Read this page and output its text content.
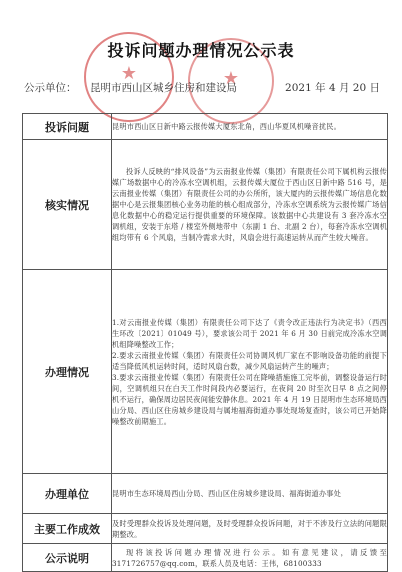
★	★
投诉问题办理情况公示表
公示单位： 昆明市西山区城乡住房和建设局	2021 年 4 月 20 日
投诉问题	昆明市西山区日新中路云报传媒大厦东北角，西山华夏风机噪音扰民。

核实情况	投诉人反映的“排风设备”为云南报业传媒（集团）有限责任公司下属机构云报传媒广场数据中心的冷冻水空调机组，云报传媒大厦位于西山区日新中路 516 号，是云南报业传媒（集团）有限责任公司的办公所所，该大厦内的云报传媒广场信息化数据中心是云报集团核心业务功能的核心组成部分，冷冻水空调系统为云报传媒广场信息化数据中心的稳定运行提供重要的环境保障。该数据中心共建设有 3 套冷冻水空调机组，安装于东塔 / 楼室外侧地带中（东副 1 台、北副 2 台），每套冷冻水空调机组均带有 6 个风扇，当制冷需求大时，风扇会进行高速运转从而产生较大噪音。

办理情况	1.对云南报业传媒（集团）有限责任公司下达了《责令改正违法行为决定书》（西西生环改〔2021〕01049 号），要求该公司于 2021 年 6 月 30 日前完成冷冻水空调机组降噪整改工作；
2.要求云南报业传媒（集团）有限责任公司协调风机厂家在不影响设备功能的前提下适当降低风机运转时间，适时风扇台数，减少风扇运转产生的噪声；
3.要求云南报业传媒（集团）有限责任公司在降噪措施施工完毕前，调整设备运行时间，空调机组只在白天工作时间段内必要运行，在夜间 20 时至次日早 8 点之间停机不运行，确保周边居民夜间能安静休息。2021 年 4 月 19 日昆明市生态环境局西山分局、西山区住房城乡建设局与属地福海街道办事处现场复查时，该公司已开始降噪整改前期施工。

办理单位	昆明市生态环境局西山分局、西山区住房城乡建设局、福海街道办事处

主要工作成效	及时受理群众投诉及处理问题，及时受理群众投诉问题，对于不涉及行立法的问题限期整改。

公示说明	现将该投诉问题办理情况进行公示。如有意见建议，请反馈至 3171726757@qq.com，联系人员及电话：王伟，68100333
